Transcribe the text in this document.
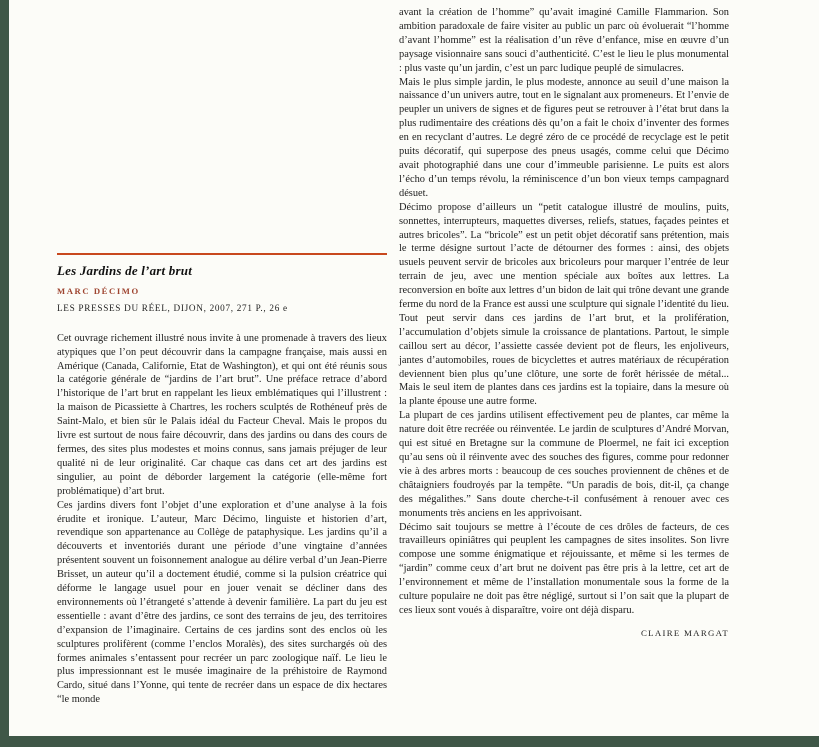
Les Jardins de l’art brut
MARC DÉCIMO
LES PRESSES DU RÉEL, DIJON, 2007, 271 P., 26 e

Cet ouvrage richement illustré nous invite à une promenade à travers des lieux atypiques que l’on peut découvrir dans la campagne française, mais aussi en Amérique (Canada, Californie, Etat de Washington), et qui ont été réunis sous la catégorie générale de “jardins de l’art brut”. Une préface retrace d’abord l’historique de l’art brut en rappelant les lieux emblématiques qui l’illustrent : la maison de Picassiette à Chartres, les rochers sculptés de Rothéneuf près de Saint-Malo, et bien sûr le Palais idéal du Facteur Cheval. Mais le propos du livre est surtout de nous faire découvrir, dans des jardins ou dans des cours de fermes, des sites plus modestes et moins connus, sans jamais préjuger de leur qualité ni de leur originalité. Car chaque cas dans cet art des jardins est singulier, au point de déborder largement la catégorie (elle-même fort problématique) d’art brut.

Ces jardins divers font l’objet d’une exploration et d’une analyse à la fois érudite et ironique. L’auteur, Marc Décimo, linguiste et historien d’art, revendique son appartenance au Collège de pataphysique. Les jardins qu’il a découverts et inventoriés durant une période d’une vingtaine d’années présentent souvent un foisonnement analogue au délire verbal d’un Jean-Pierre Brisset, un auteur qu’il a doctement étudié, comme si la pulsion créatrice qui déforme le langage usuel pour en jouer venait se décliner dans des environnements où l’étrangeté s’attende à devenir familière. La part du jeu est essentielle : avant d’être des jardins, ce sont des terrains de jeu, des territoires d’expansion de l’imaginaire. Certains de ces jardins sont des enclos où les sculptures prolifèrent (comme l’enclos Moralès), des sites surchargés où des formes animales s’entassent pour recréer un parc zoologique naïf. Le lieu le plus impressionnant est le musée imaginaire de la préhistoire de Raymond Cardo, situé dans l’Yonne, qui tente de recréer dans un espace de dix hectares “le monde

avant la création de l’homme” qu’avait imaginé Camille Flammarion. Son ambition paradoxale de faire visiter au public un parc où évoluerait “l’homme d’avant l’homme” est la réalisation d’un rêve d’enfance, mise en œuvre d’un paysage visionnaire sans souci d’authenticité. C’est le lieu le plus monumental : plus vaste qu’un jardin, c’est un parc ludique peuplé de simulacres.

Mais le plus simple jardin, le plus modeste, annonce au seuil d’une maison la naissance d’un univers autre, tout en le signalant aux promeneurs. Et l’envie de peupler un univers de signes et de figures peut se retrouver à l’état brut dans la plus rudimentaire des créations dès qu’on a fait le choix d’inventer des formes en en recyclant d’autres. Le degré zéro de ce procédé de recyclage est le petit puits décoratif, qui superpose des pneus usagés, comme celui que Décimo avait photographié dans une cour d’immeuble parisienne. Le puits est alors l’écho d’un temps révolu, la réminiscence d’un bon vieux temps campagnard désuet.

Décimo propose d’ailleurs un “petit catalogue illustré de moulins, puits, sonnettes, interrupteurs, maquettes diverses, reliefs, statues, façades peintes et autres bricoles”. La “bricole” est un petit objet décoratif sans prétention, mais le terme désigne surtout l’acte de détourner des formes : ainsi, des objets usuels peuvent servir de bricoles aux bricoleurs pour marquer l’entrée de leur terrain de jeu, avec une mention spéciale aux boîtes aux lettres. La reconversion en boîte aux lettres d’un bidon de lait qui trône devant une grande ferme du nord de la France est aussi une sculpture qui signale l’identité du lieu. Tout peut servir dans ces jardins de l’art brut, et la prolifération, l’accumulation d’objets simule la croissance de plantations. Partout, le simple caillou sert au décor, l’assiette cassée devient pot de fleurs, les enjoliveurs, jantes d’automobiles, roues de bicyclettes et autres matériaux de récupération deviennent bien plus qu’une clôture, une sorte de forêt hérissée de métal... Mais le seul item de plantes dans ces jardins est la topiaire, dans la mesure où la plante épouse une autre forme.

La plupart de ces jardins utilisent effectivement peu de plantes, car même la nature doit être recréée ou réinventée. Le jardin de sculptures d’André Morvan, qui est situé en Bretagne sur la commune de Ploermel, ne fait ici exception qu’au sens où il réinvente avec des souches des figures, comme pour redonner vie à des arbres morts : beaucoup de ces souches proviennent de chênes et de châtaigniers foudroyés par la tempête. “Un paradis de bois, dit-il, ça change des mégalithes.” Sans doute cherche-t-il confusément à renouer avec ces monuments très anciens en les apprivoisant.

Décimo sait toujours se mettre à l’écoute de ces drôles de facteurs, de ces travailleurs opiniâtres qui peuplent les campagnes de sites insolites. Son livre compose une somme énigmatique et réjouissante, et même si les termes de “jardin” comme ceux d’art brut ne doivent pas être pris à la lettre, cet art de l’environnement et même de l’installation monumentale sous la forme de la culture populaire ne doit pas être négligé, surtout si l’on sait que la plupart de ces lieux sont voués à disparaître, voire ont déjà disparu.

CLAIRE MARGAT
